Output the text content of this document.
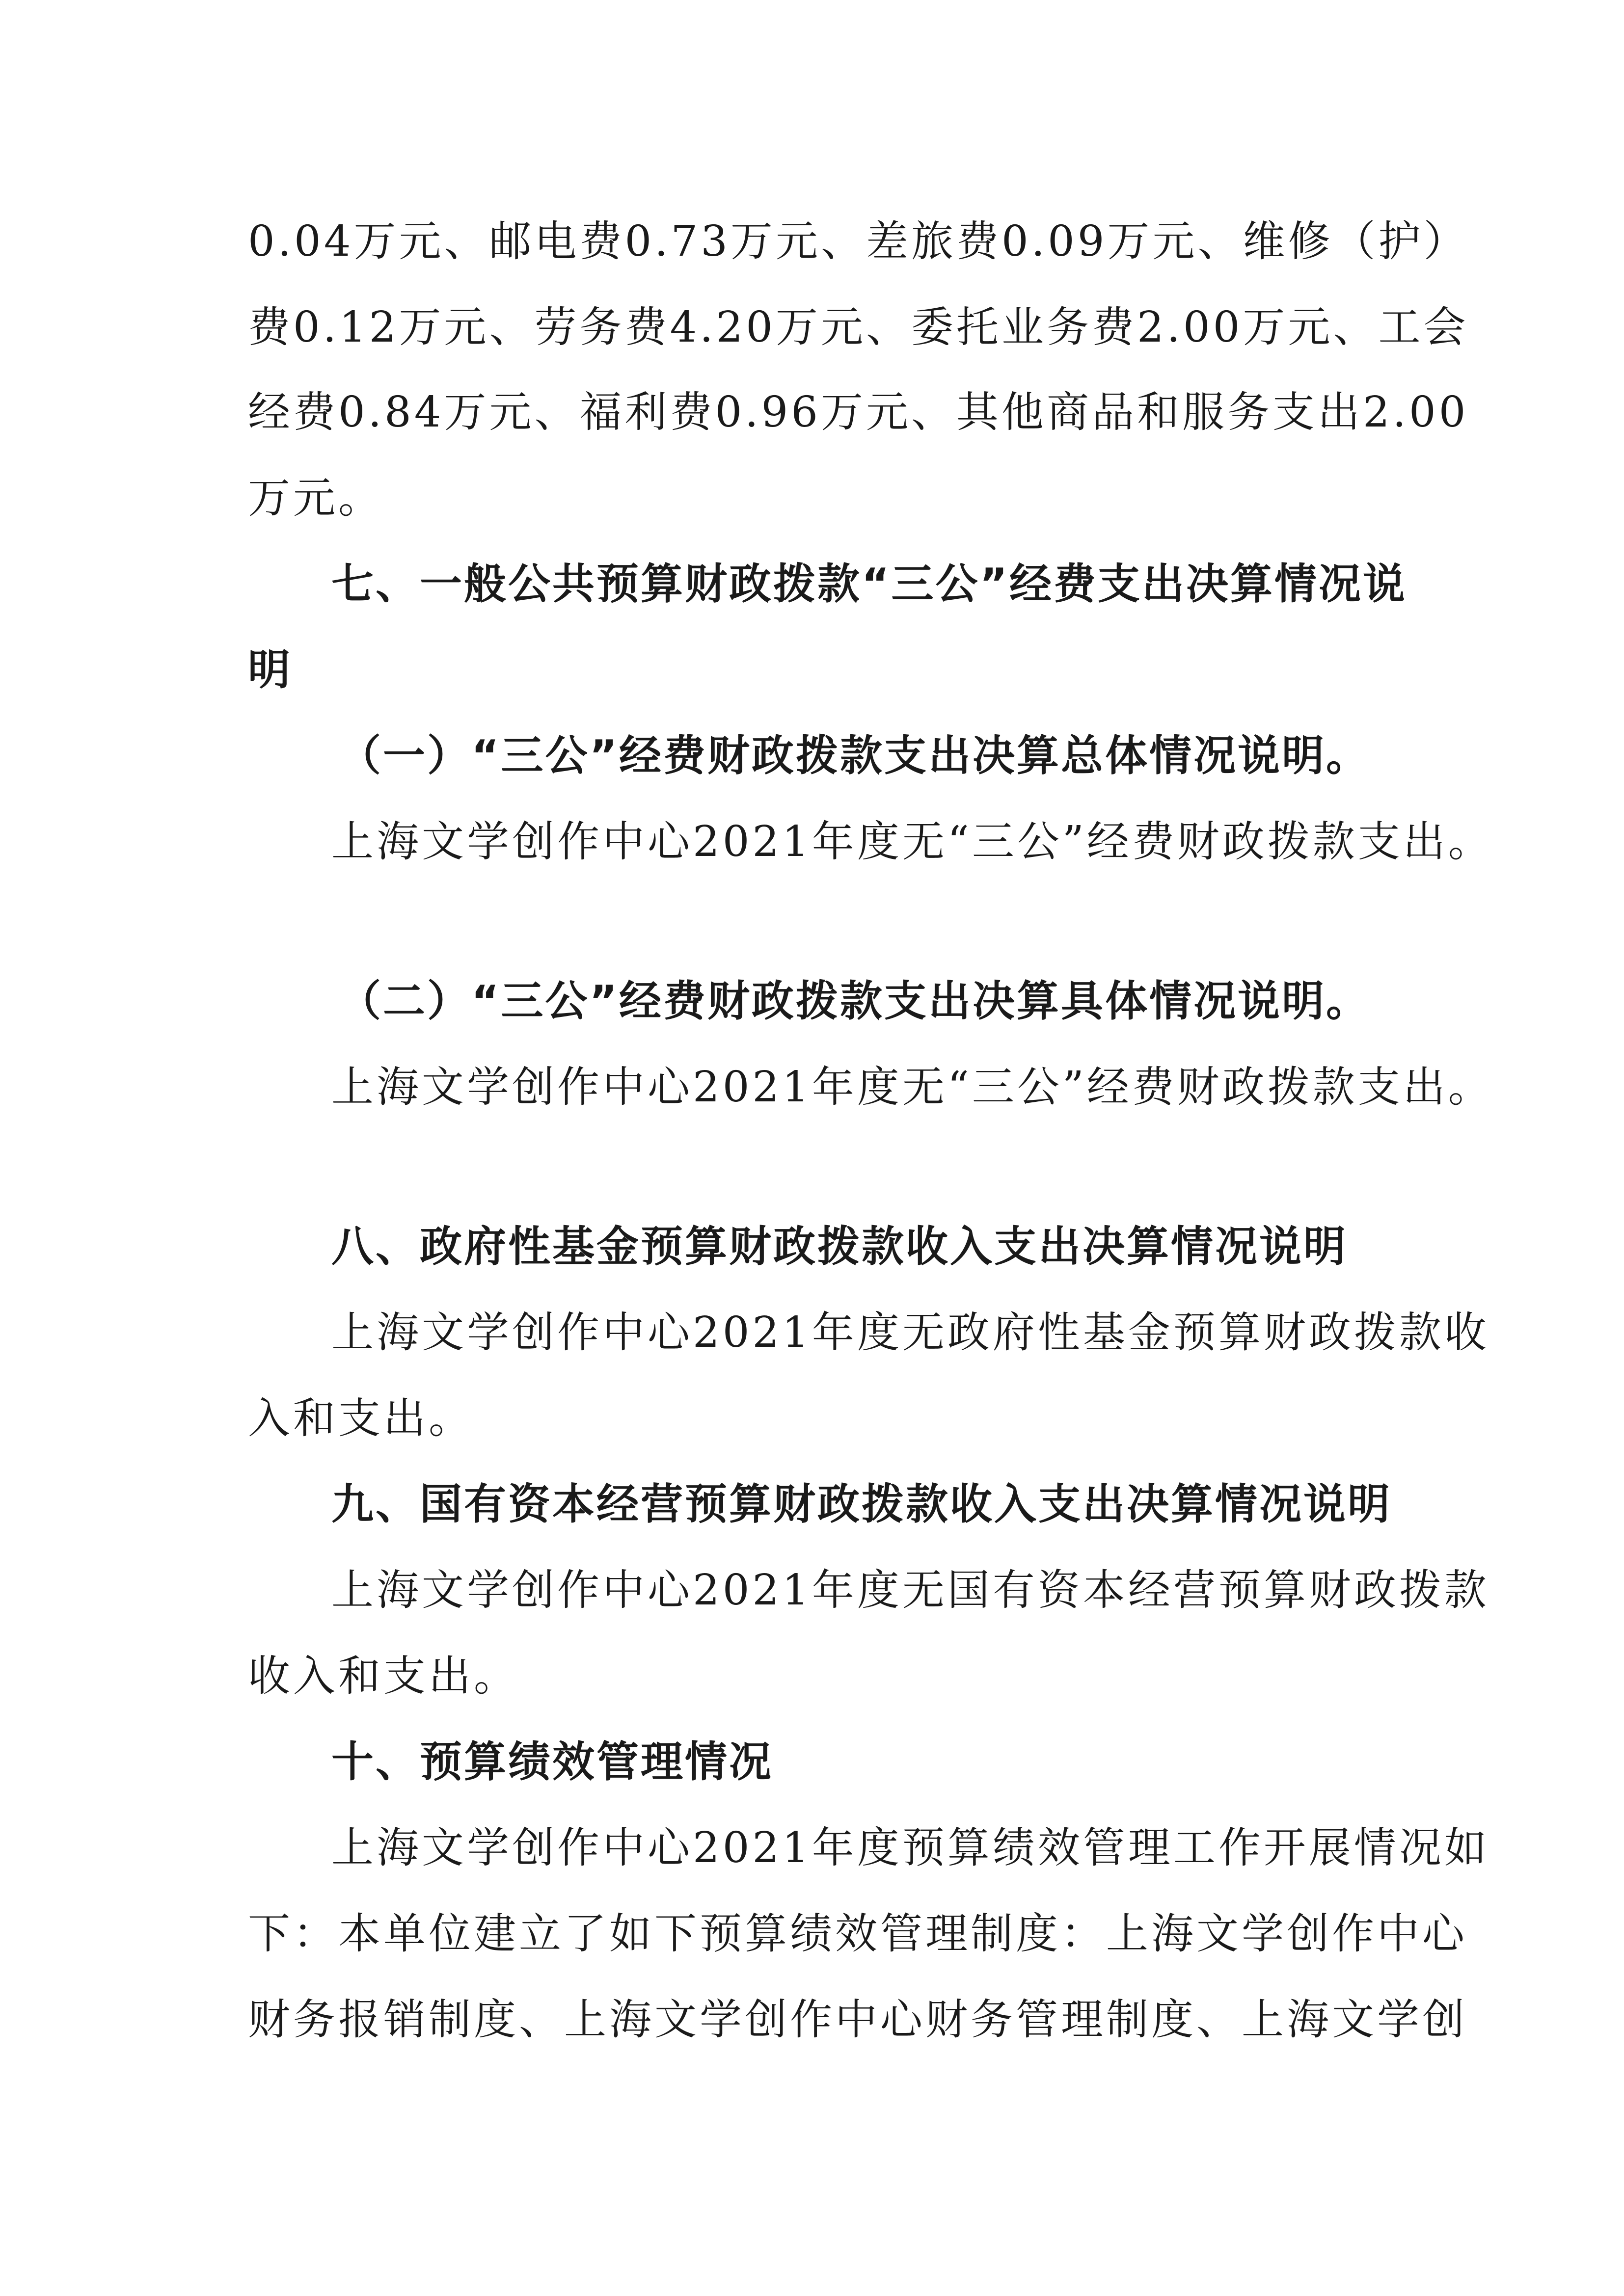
0.04万元、邮电费0.73万元、差旅费0.09万元、维修（护）
费0.12万元、劳务费4.20万元、委托业务费2.00万元、工会
经费0.84万元、福利费0.96万元、其他商品和服务支出2.00
万元。
七、一般公共预算财政拨款“三公”经费支出决算情况说
明
（一）“三公”经费财政拨款支出决算总体情况说明。
上海文学创作中心2021年度无“三公”经费财政拨款支出。
（二）“三公”经费财政拨款支出决算具体情况说明。
上海文学创作中心2021年度无“三公”经费财政拨款支出。
八、政府性基金预算财政拨款收入支出决算情况说明
上海文学创作中心2021年度无政府性基金预算财政拨款收
入和支出。
九、国有资本经营预算财政拨款收入支出决算情况说明
上海文学创作中心2021年度无国有资本经营预算财政拨款
收入和支出。
十、预算绩效管理情况
上海文学创作中心2021年度预算绩效管理工作开展情况如
下：本单位建立了如下预算绩效管理制度：上海文学创作中心
财务报销制度、上海文学创作中心财务管理制度、上海文学创
